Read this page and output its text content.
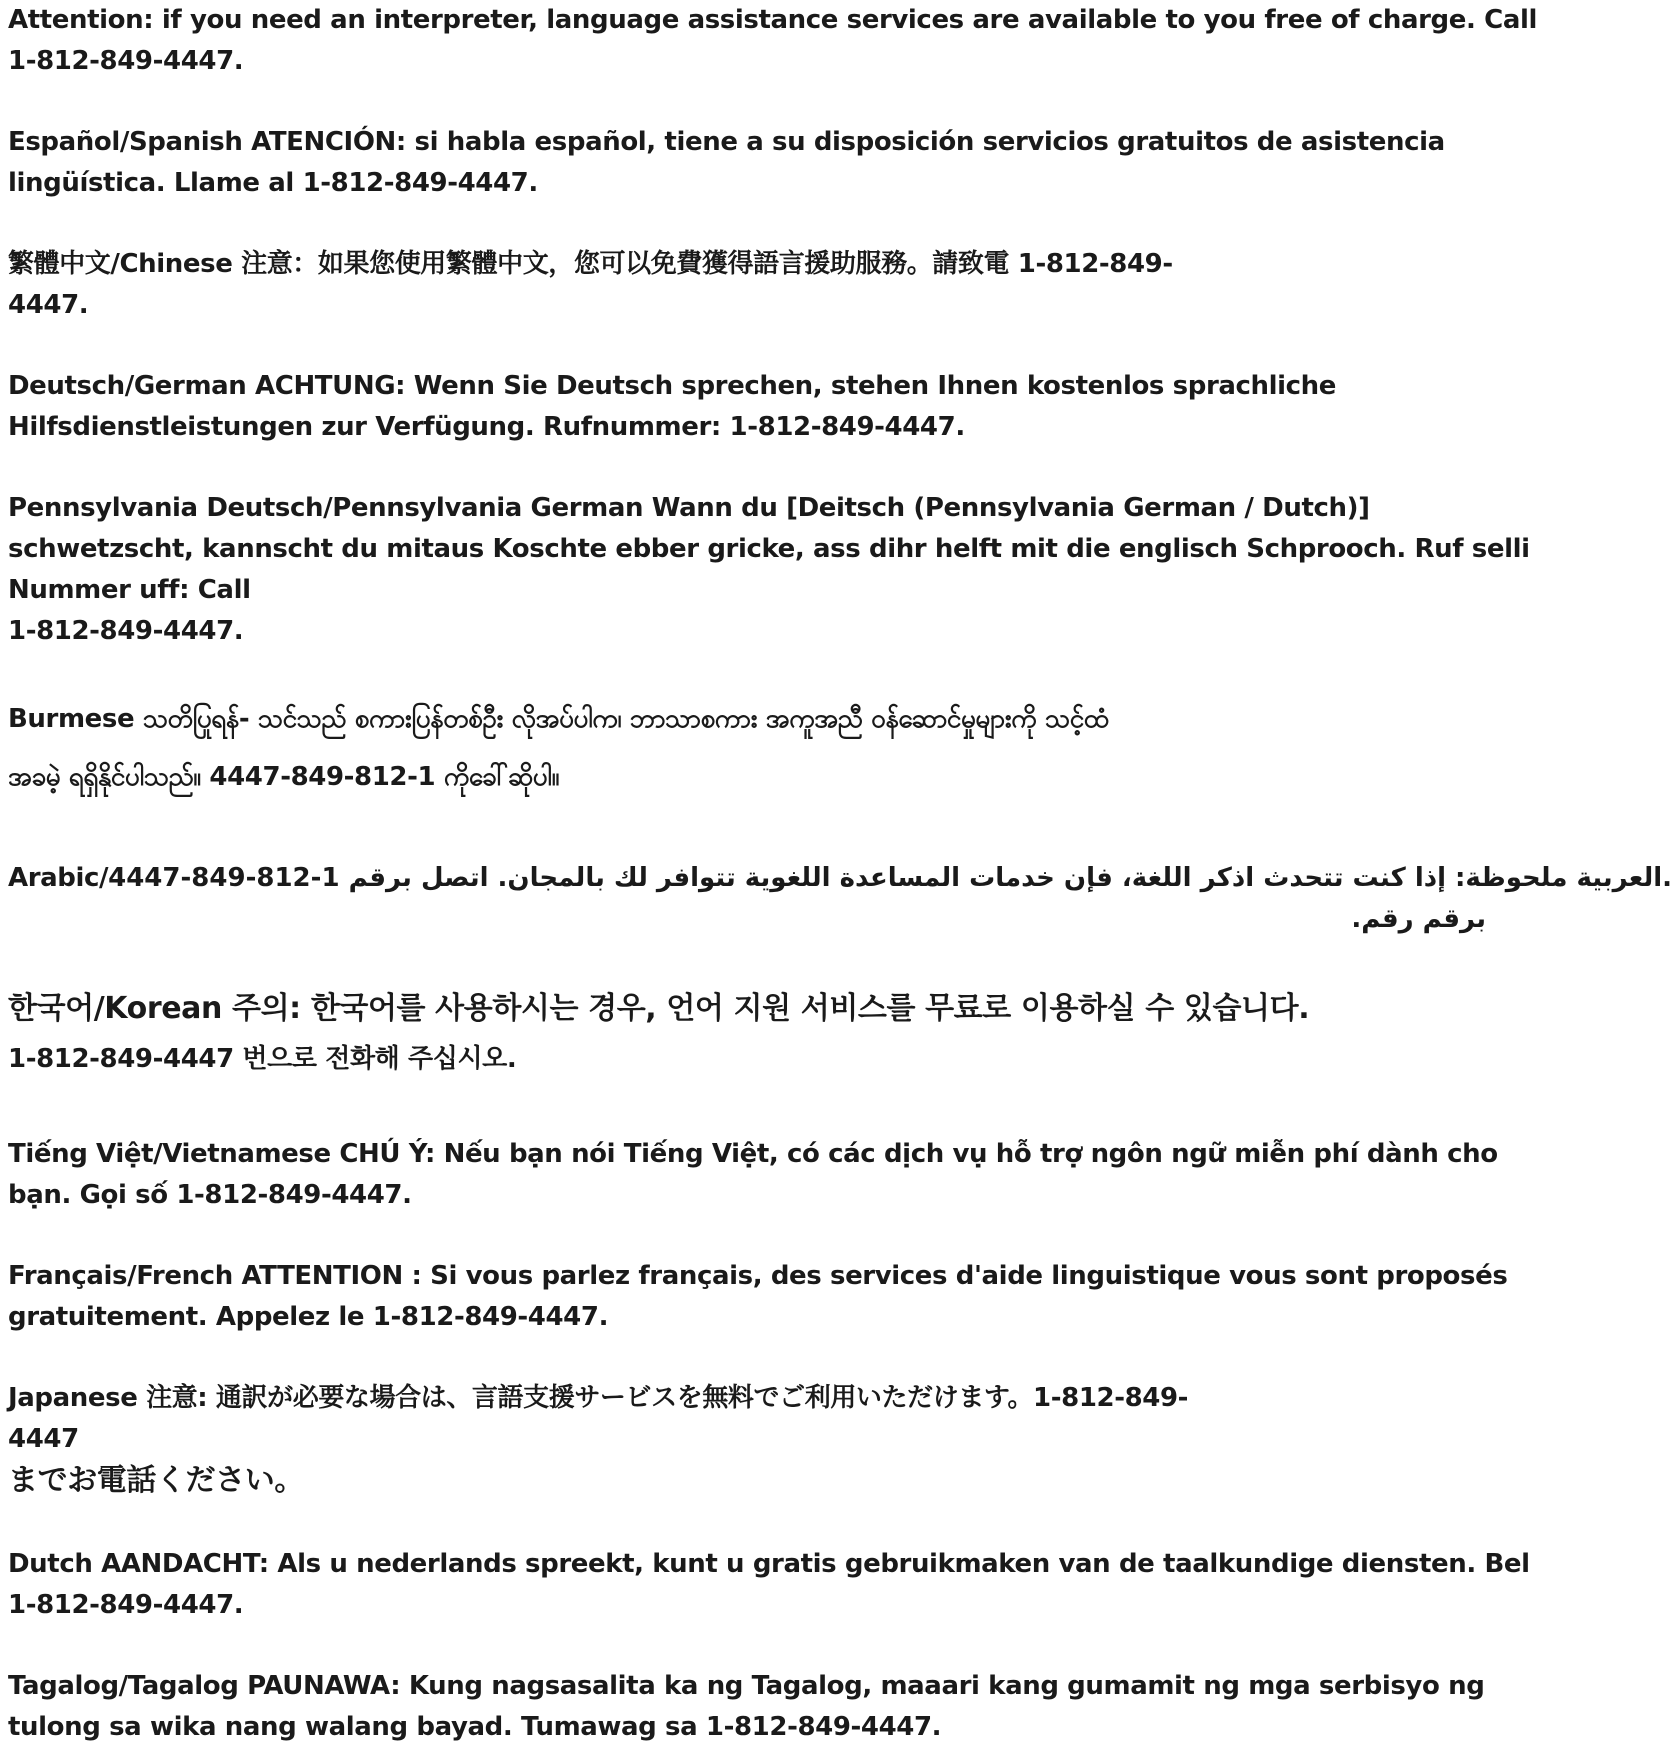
Attention: if you need an interpreter, language assistance services are available to you free of charge. Call
1-812-849-4447.
Español/Spanish ATENCIÓN: si habla español, tiene a su disposición servicios gratuitos de asistencia
lingüística. Llame al 1-812-849-4447.
繁體中文/Chinese 注意：如果您使用繁體中文，您可以免費獲得語言援助服務。請致電 1-812-849-
4447.
Deutsch/German ACHTUNG: Wenn Sie Deutsch sprechen, stehen Ihnen kostenlos sprachliche
Hilfsdienstleistungen zur Verfügung. Rufnummer: 1-812-849-4447.
Pennsylvania Deutsch/Pennsylvania German Wann du [Deitsch (Pennsylvania German / Dutch)]
schwetzscht, kannscht du mitaus Koschte ebber gricke, ass dihr helft mit die englisch Schprooch. Ruf selli
Nummer uff: Call
1-812-849-4447.
Burmese သတိပြုရန်- သင်သည် စကားပြန်တစ်ဦး လိုအပ်ပါက၊ ဘာသာစကား အကူအညီ ဝန်ဆောင်မှုများကို သင့်ထံ
အခမဲ့ ရရှိနိုင်ပါသည်။ 4447-849-812-1 ကိုခေါ်ဆိုပါ။
Arabic/العربية ملحوظة: إذا كنت تتحدث اذكر اللغة، فإن خدمات المساعدة اللغوية تتوافر لك بالمجان. اتصل برقم 1-812-849-4447.
برقم رقم.
한국어/Korean 주의: 한국어를 사용하시는 경우, 언어 지원 서비스를 무료로 이용하실 수 있습니다.
1-812-849-4447 번으로 전화해 주십시오.
Tiếng Việt/Vietnamese CHÚ Ý: Nếu bạn nói Tiếng Việt, có các dịch vụ hỗ trợ ngôn ngữ miễn phí dành cho
bạn. Gọi số 1-812-849-4447.
Français/French ATTENTION : Si vous parlez français, des services d'aide linguistique vous sont proposés
gratuitement. Appelez le 1-812-849-4447.
Japanese 注意: 通訳が必要な場合は、言語支援サービスを無料でご利用いただけます。1-812-849-
4447
までお電話ください。
Dutch AANDACHT: Als u nederlands spreekt, kunt u gratis gebruikmaken van de taalkundige diensten. Bel
1-812-849-4447.
Tagalog/Tagalog PAUNAWA: Kung nagsasalita ka ng Tagalog, maaari kang gumamit ng mga serbisyo ng
tulong sa wika nang walang bayad. Tumawag sa 1-812-849-4447.
